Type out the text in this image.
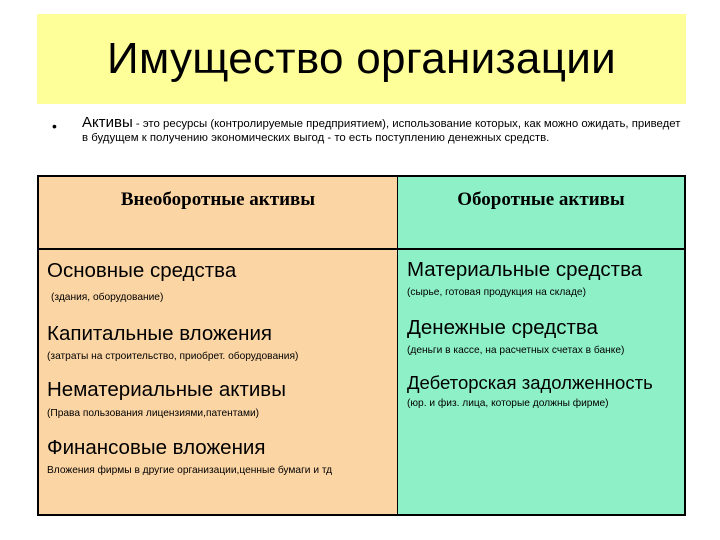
Имущество организации
• Активы - это ресурсы (контролируемые предприятием), использование которых, как можно ожидать, приведет в будущем к получению экономических выгод - то есть поступлению денежных средств.
Внеоборотные активы	Оборотные активы
Основные средства
(здания, оборудование)
Капитальные вложения
(затраты на строительство, приобрет. оборудования)
Нематериальные активы
(Права пользования лицензиями,патентами)
Финансовые вложения
Вложения фирмы в другие организации,ценные бумаги и тд
Материальные средства
(сырье, готовая продукция на складе)
Денежные средства
(деньги в кассе, на расчетных счетах в банке)
Дебеторская задолженность
(юр. и физ. лица, которые должны фирме)
